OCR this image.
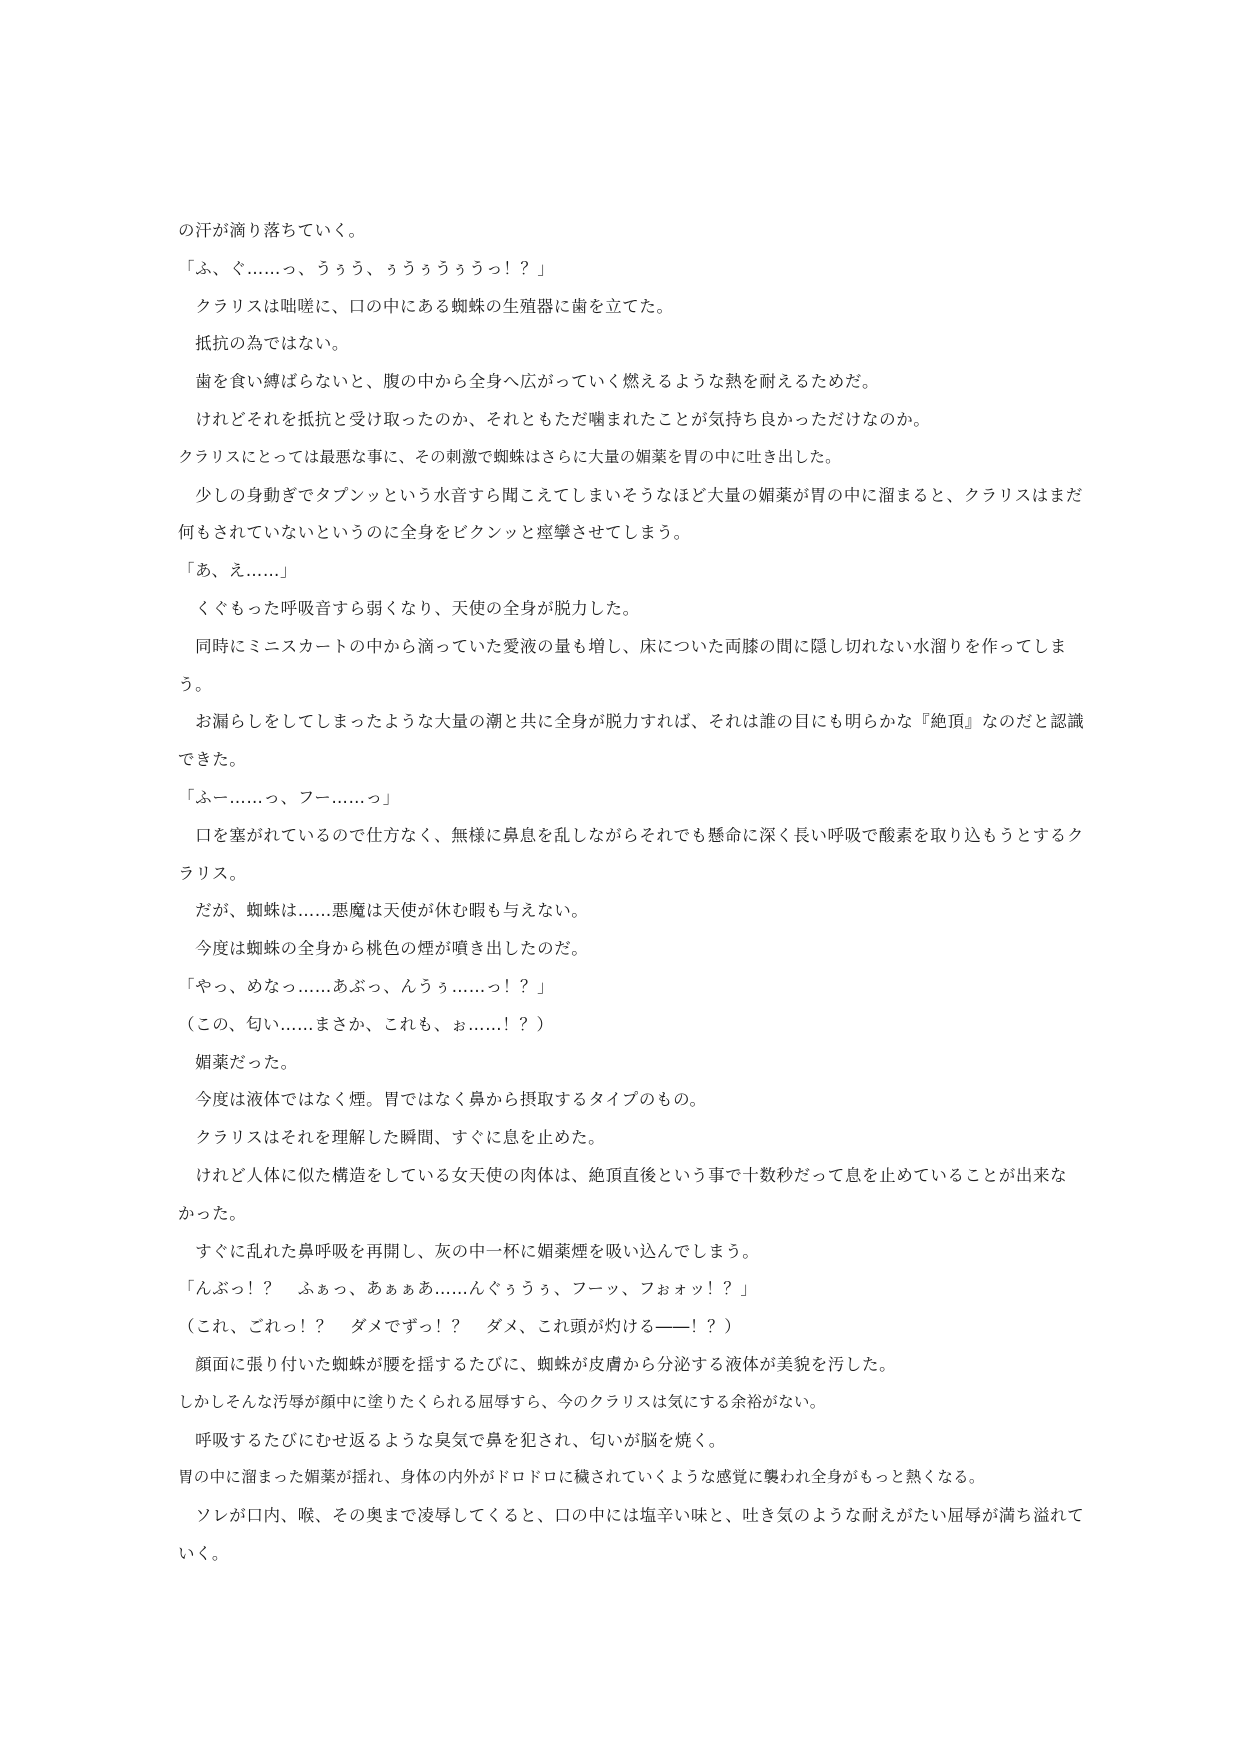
の汗が滴り落ちていく。
「ふ、ぐ……っ、うぅう、ぅうぅうぅうっ！？」
　クラリスは咄嗟に、口の中にある蜘蛛の生殖器に歯を立てた。
　抵抗の為ではない。
　歯を食い縛ばらないと、腹の中から全身へ広がっていく燃えるような熱を耐えるためだ。
　けれどそれを抵抗と受け取ったのか、それともただ噛まれたことが気持ち良かっただけなのか。
クラリスにとっては最悪な事に、その刺激で蜘蛛はさらに大量の媚薬を胃の中に吐き出した。
　少しの身動ぎでタプンッという水音すら聞こえてしまいそうなほど大量の媚薬が胃の中に溜まると、クラリスはまだ
何もされていないというのに全身をビクンッと痙攣させてしまう。
「あ、え……」
　くぐもった呼吸音すら弱くなり、天使の全身が脱力した。
　同時にミニスカートの中から滴っていた愛液の量も増し、床についた両膝の間に隠し切れない水溜りを作ってしま
う。
　お漏らしをしてしまったような大量の潮と共に全身が脱力すれば、それは誰の目にも明らかな『絶頂』なのだと認識
できた。
「ふー……っ、フー……っ」
　口を塞がれているので仕方なく、無様に鼻息を乱しながらそれでも懸命に深く長い呼吸で酸素を取り込もうとするク
ラリス。
　だが、蜘蛛は……悪魔は天使が休む暇も与えない。
　今度は蜘蛛の全身から桃色の煙が噴き出したのだ。
「やっ、めなっ……あぶっ、んうぅ……っ！？」
（この、匂い……まさか、これも、ぉ……！？）
　媚薬だった。
　今度は液体ではなく煙。胃ではなく鼻から摂取するタイプのもの。
　クラリスはそれを理解した瞬間、すぐに息を止めた。
　けれど人体に似た構造をしている女天使の肉体は、絶頂直後という事で十数秒だって息を止めていることが出来な
かった。
　すぐに乱れた鼻呼吸を再開し、灰の中一杯に媚薬煙を吸い込んでしまう。
「んぶっ！？　ふぁっ、あぁぁあ……んぐぅうぅ、フーッ、フぉォッ！？」
（これ、ごれっ！？　ダメでずっ！？　ダメ、これ頭が灼ける――！？）
　顔面に張り付いた蜘蛛が腰を揺するたびに、蜘蛛が皮膚から分泌する液体が美貌を汚した。
しかしそんな汚辱が顔中に塗りたくられる屈辱すら、今のクラリスは気にする余裕がない。
　呼吸するたびにむせ返るような臭気で鼻を犯され、匂いが脳を焼く。
胃の中に溜まった媚薬が揺れ、身体の内外がドロドロに穢されていくような感覚に襲われ全身がもっと熱くなる。
　ソレが口内、喉、その奥まで凌辱してくると、口の中には塩辛い味と、吐き気のような耐えがたい屈辱が満ち溢れて
いく。
